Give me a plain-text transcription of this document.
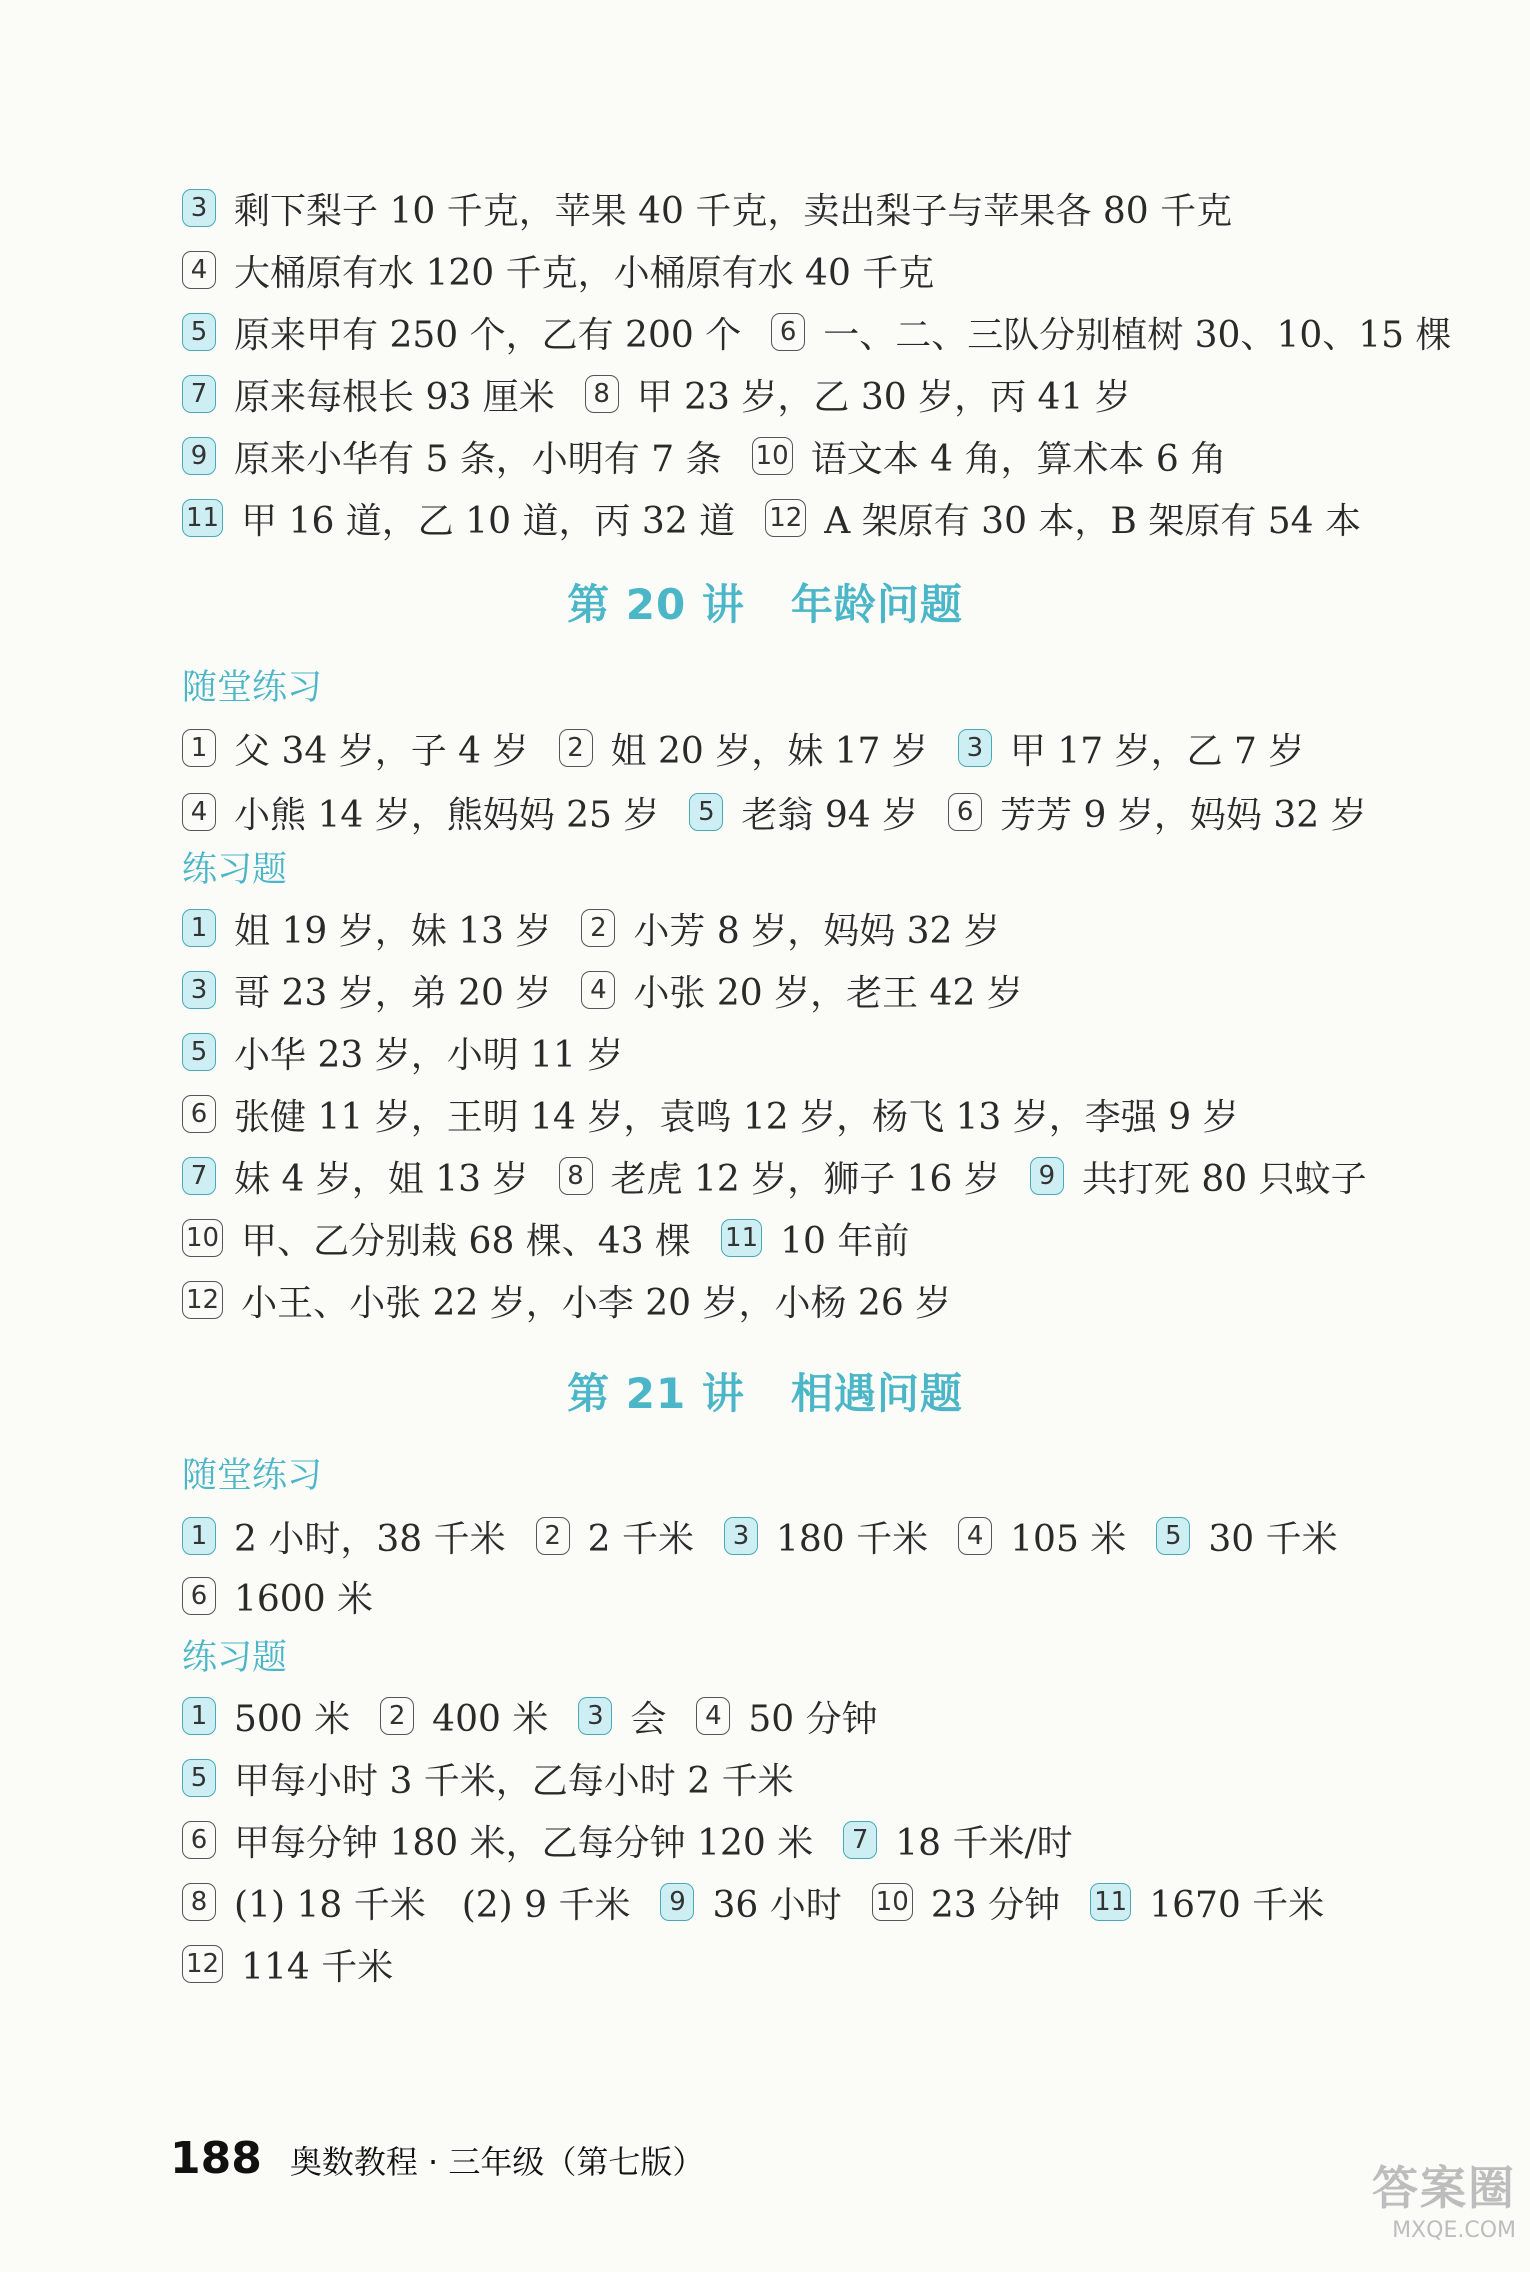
3 剩下梨子 10 千克，苹果 40 千克，卖出梨子与苹果各 80 千克
4 大桶原有水 120 千克，小桶原有水 40 千克
5 原来甲有 250 个，乙有 200 个	6 一、二、三队分别植树 30、10、15 棵
7 原来每根长 93 厘米	8 甲 23 岁，乙 30 岁，丙 41 岁
9 原来小华有 5 条，小明有 7 条 10 语文本 4 角，算术本 6 角
11 甲 16 道，乙 10 道，丙 32 道 12 A 架原有 30 本，B 架原有 54 本
第 20 讲 年龄问题
随堂练习
1 父 34 岁，子 4 岁	2 姐 20 岁，妹 17 岁	3 甲 17 岁，乙 7 岁
4 小熊 14 岁，熊妈妈 25 岁	5 老翁 94 岁	6 芳芳 9 岁，妈妈 32 岁
练习题
1 姐 19 岁，妹 13 岁	2 小芳 8 岁，妈妈 32 岁
3 哥 23 岁，弟 20 岁	4 小张 20 岁，老王 42 岁
5 小华 23 岁，小明 11 岁
6 张健 11 岁，王明 14 岁，袁鸣 12 岁，杨飞 13 岁，李强 9 岁
7 妹 4 岁，姐 13 岁	8 老虎 12 岁，狮子 16 岁	9 共打死 80 只蚊子
10 甲、乙分别栽 68 棵、43 棵 11 10 年前
12 小王、小张 22 岁，小李 20 岁，小杨 26 岁
第 21 讲 相遇问题
随堂练习
1 2 小时，38 千米	2 2 千米	3 180 千米	4 105 米	5 30 千米
6 1600 米
练习题
1 500 米	2 400 米	3 会	4 50 分钟
5 甲每小时 3 千米，乙每小时 2 千米
6 甲每分钟 180 米，乙每分钟 120 米	7 18 千米/时
8 (1) 18 千米　(2) 9 千米	9 36 小时 10 23 分钟 11 1670 千米
12 114 千米
188 奥数教程 · 三年级（第七版）	答案圈
MXQE.COM
